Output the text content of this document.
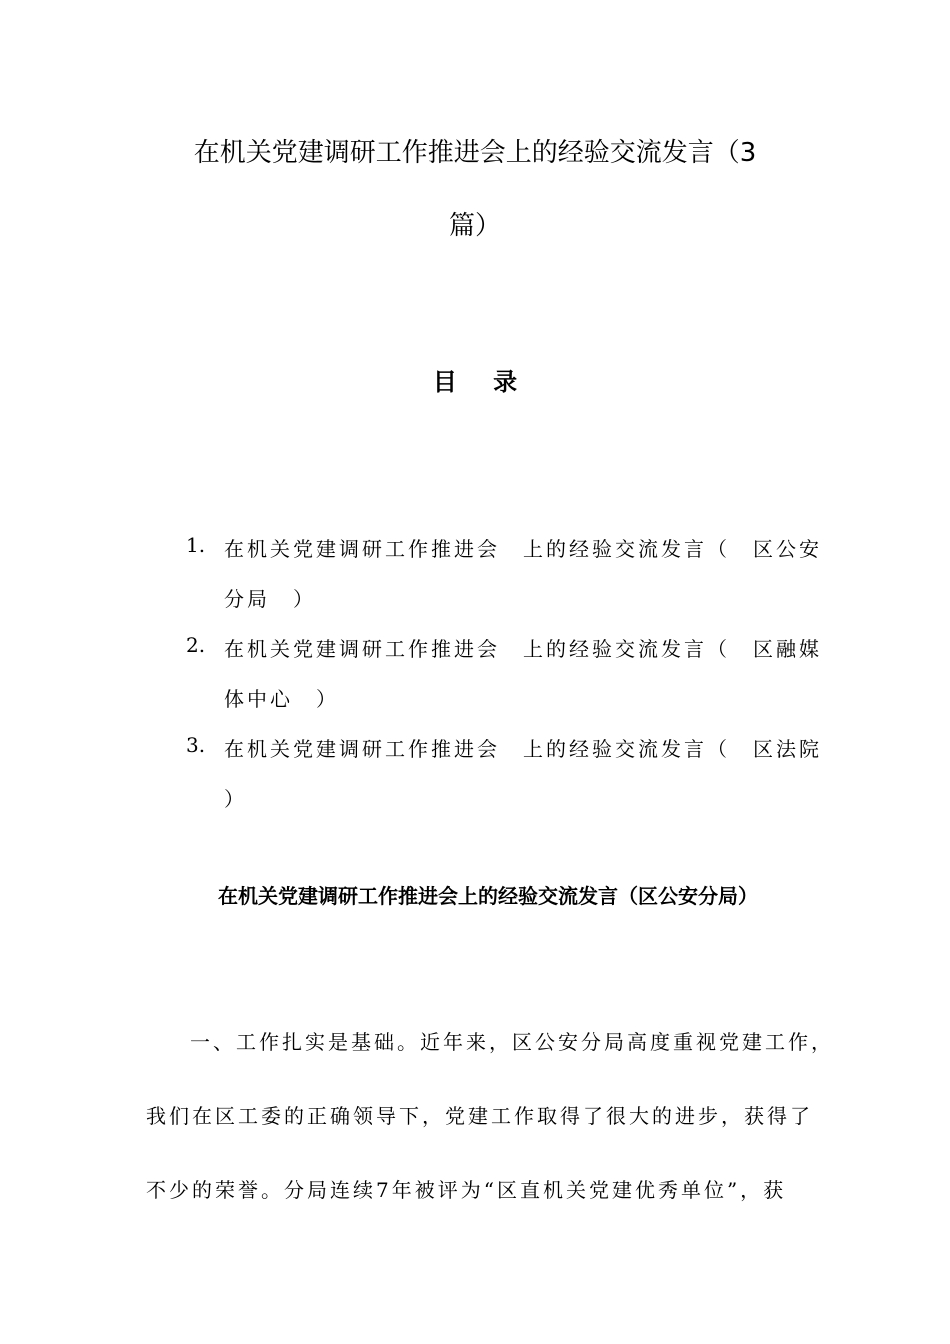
在机关党建调研工作推进会上的经验交流发言（3
篇）
目 录
1. 在机关党建调研工作推进会　上的经验交流发言（　区公安
分局　）
2. 在机关党建调研工作推进会　上的经验交流发言（　区融媒
体中心　）
3. 在机关党建调研工作推进会　上的经验交流发言（　区法院
）
在机关党建调研工作推进会上的经验交流发言（区公安分局）
一、工作扎实是基础。近年来，区公安分局高度重视党建工作，
我们在区工委的正确领导下，党建工作取得了很大的进步，获得了
不少的荣誉。分局连续7年被评为“区直机关党建优秀单位”，获
